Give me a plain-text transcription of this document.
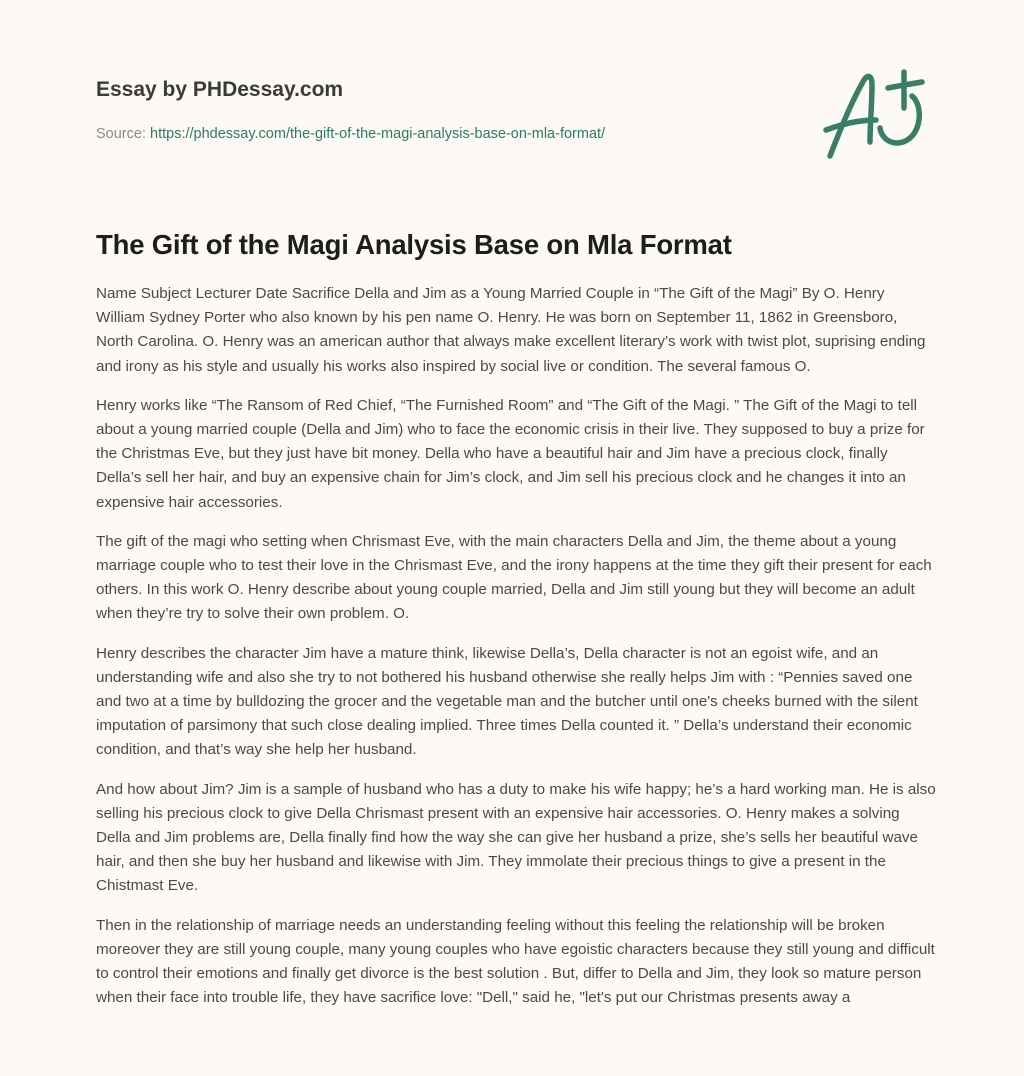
Essay by PHDessay.com
Source: https://phdessay.com/the-gift-of-the-magi-analysis-base-on-mla-format/
The Gift of the Magi Analysis Base on Mla Format

Name Subject Lecturer Date Sacrifice Della and Jim as a Young Married Couple in “The Gift of the Magi” By O. Henry William Sydney Porter who also known by his pen name O. Henry. He was born on September 11, 1862 in Greensboro, North Carolina. O. Henry was an american author that always make excellent literary’s work with twist plot, suprising ending and irony as his style and usually his works also inspired by social live or condition. The several famous O.

Henry works like “The Ransom of Red Chief, “The Furnished Room” and “The Gift of the Magi. ” The Gift of the Magi to tell about a young married couple (Della and Jim) who to face the economic crisis in their live. They supposed to buy a prize for the Christmas Eve, but they just have bit money. Della who have a beautiful hair and Jim have a precious clock, finally Della’s sell her hair, and buy an expensive chain for Jim’s clock, and Jim sell his precious clock and he changes it into an expensive hair accessories.

The gift of the magi who setting when Chrismast Eve, with the main characters Della and Jim, the theme about a young marriage couple who to test their love in the Chrismast Eve, and the irony happens at the time they gift their present for each others. In this work O. Henry describe about young couple married, Della and Jim still young but they will become an adult when they’re try to solve their own problem. O.

Henry describes the character Jim have a mature think, likewise Della’s, Della character is not an egoist wife, and an understanding wife and also she try to not bothered his husband otherwise she really helps Jim with : “Pennies saved one and two at a time by bulldozing the grocer and the vegetable man and the butcher until one's cheeks burned with the silent imputation of parsimony that such close dealing implied. Three times Della counted it. ” Della’s understand their economic condition, and that’s way she help her husband.

And how about Jim? Jim is a sample of husband who has a duty to make his wife happy; he’s a hard working man. He is also selling his precious clock to give Della Chrismast present with an expensive hair accessories. O. Henry makes a solving Della and Jim problems are, Della finally find how the way she can give her husband a prize, she’s sells her beautiful wave hair, and then she buy her husband and likewise with Jim. They immolate their precious things to give a present in the Chistmast Eve.

Then in the relationship of marriage needs an understanding feeling without this feeling the relationship will be broken moreover they are still young couple, many young couples who have egoistic characters because they still young and difficult to control their emotions and finally get divorce is the best solution . But, differ to Della and Jim, they look so mature person when their face into trouble life, they have sacrifice love: "Dell," said he, "let's put our Christmas presents away a
